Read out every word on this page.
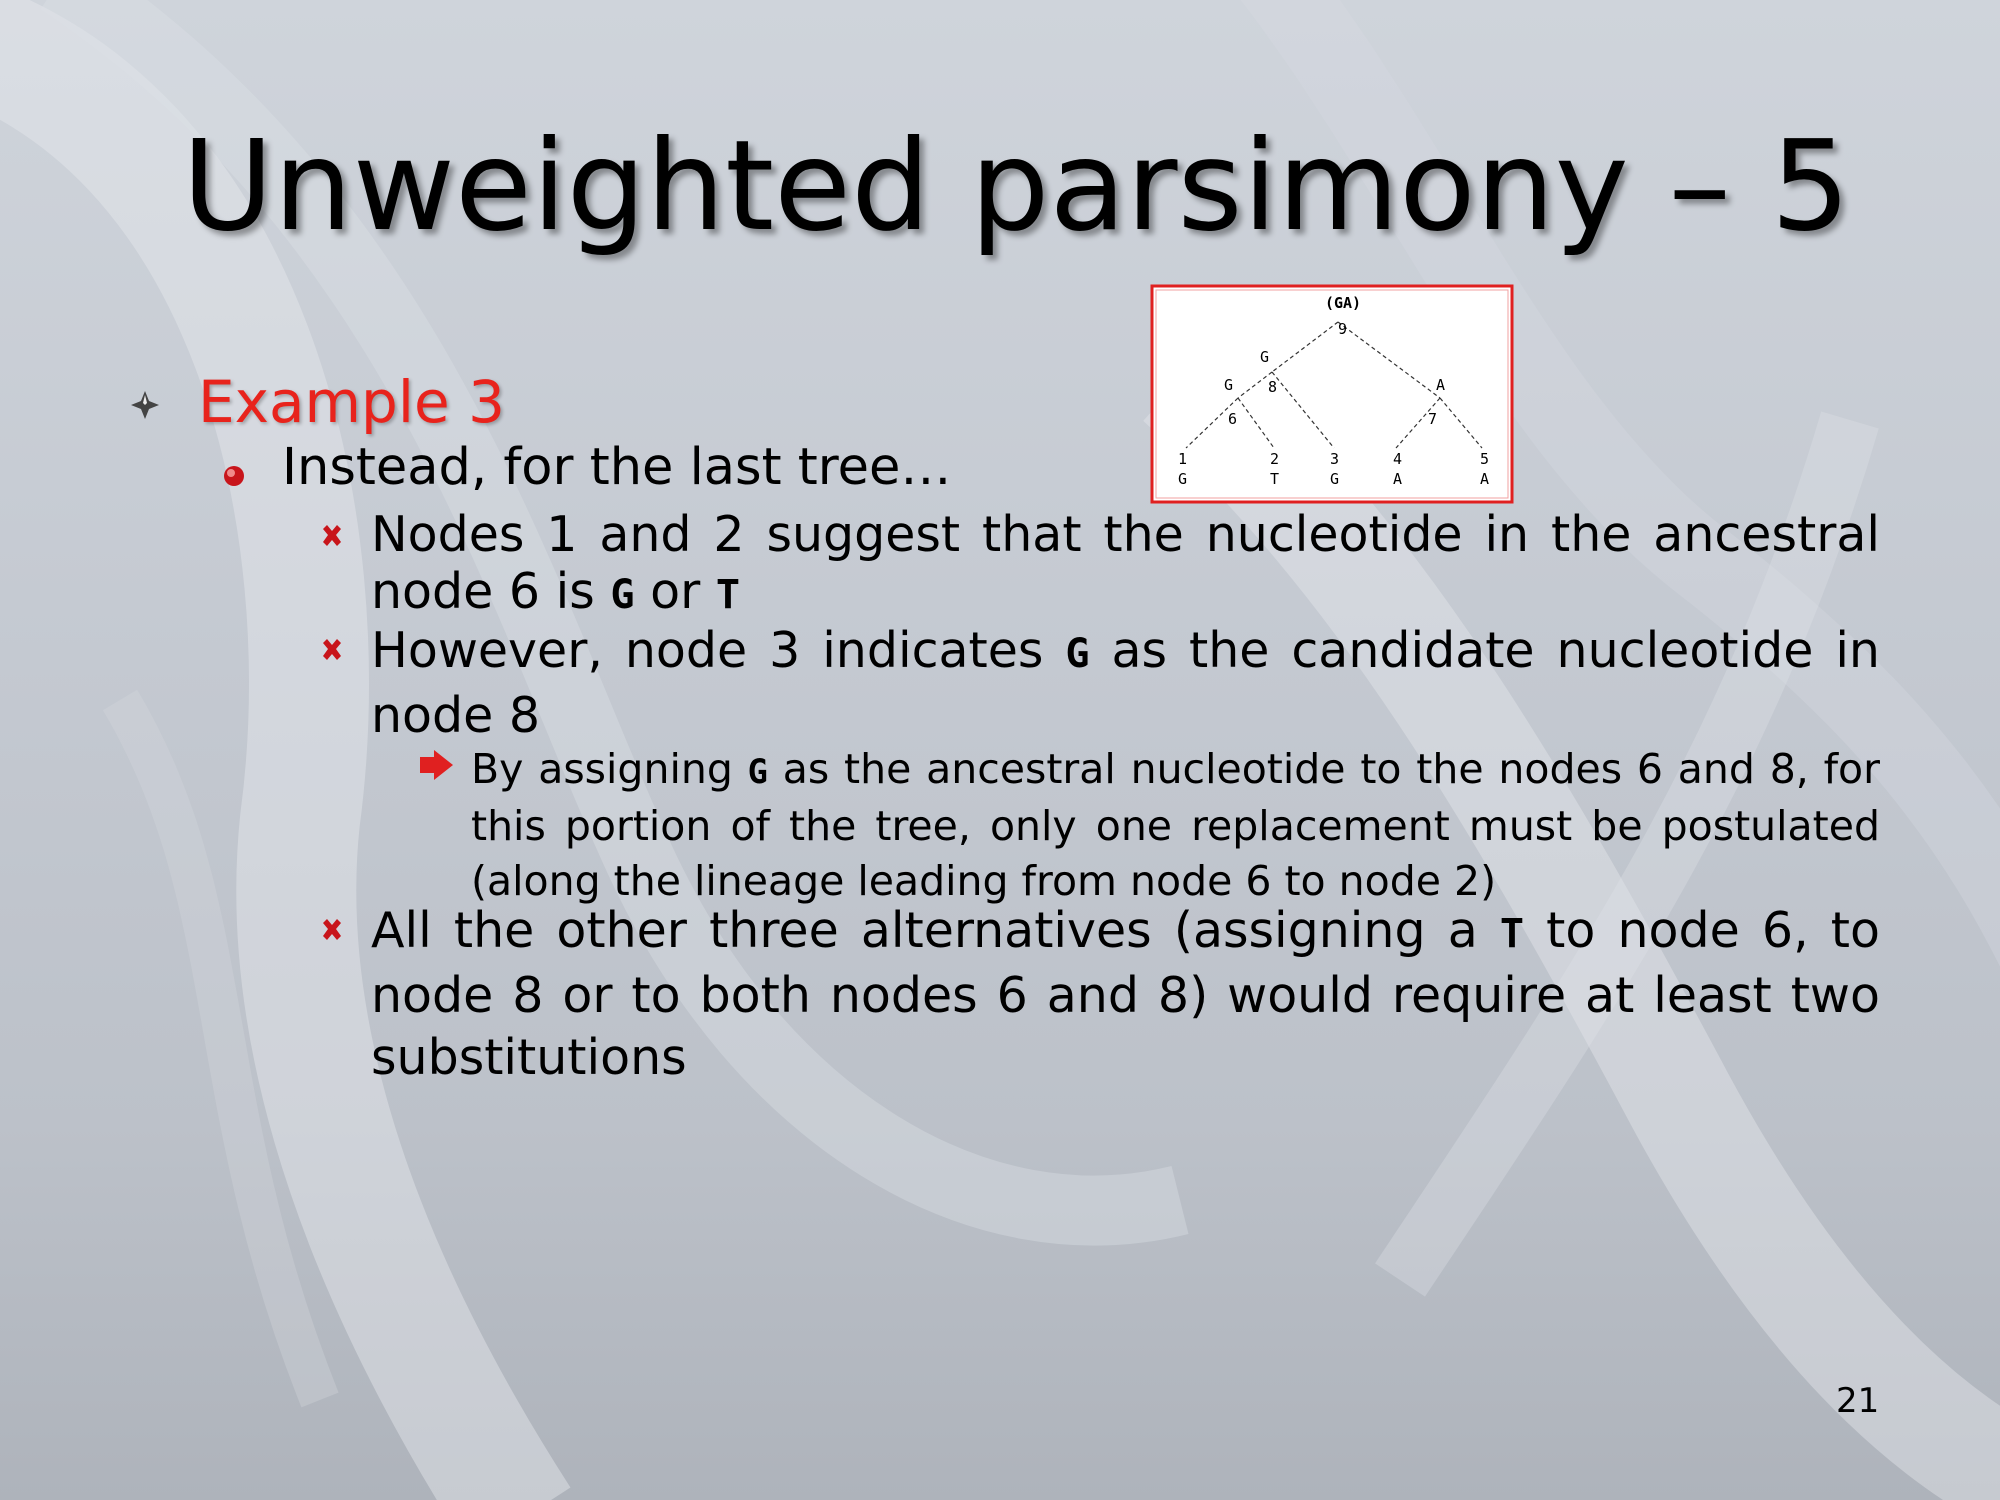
Unweighted parsimony – 5
Example 3
Instead, for the last tree…
Nodes 1 and 2 suggest that the nucleotide in the ancestral node 6 is G or T
However, node 3 indicates G as the candidate nucleotide in node 8
By assigning G as the ancestral nucleotide to the nodes 6 and 8, for this portion of the tree, only one replacement must be postulated (along the lineage leading from node 6 to node 2)
All the other three alternatives (assigning a T to node 6, to node 8 or to both nodes 6 and 8) would require at least two substitutions
(GA)
9
G
8
G
6
A
7
1
G
2
T
3
G
4
A
5
A
21
